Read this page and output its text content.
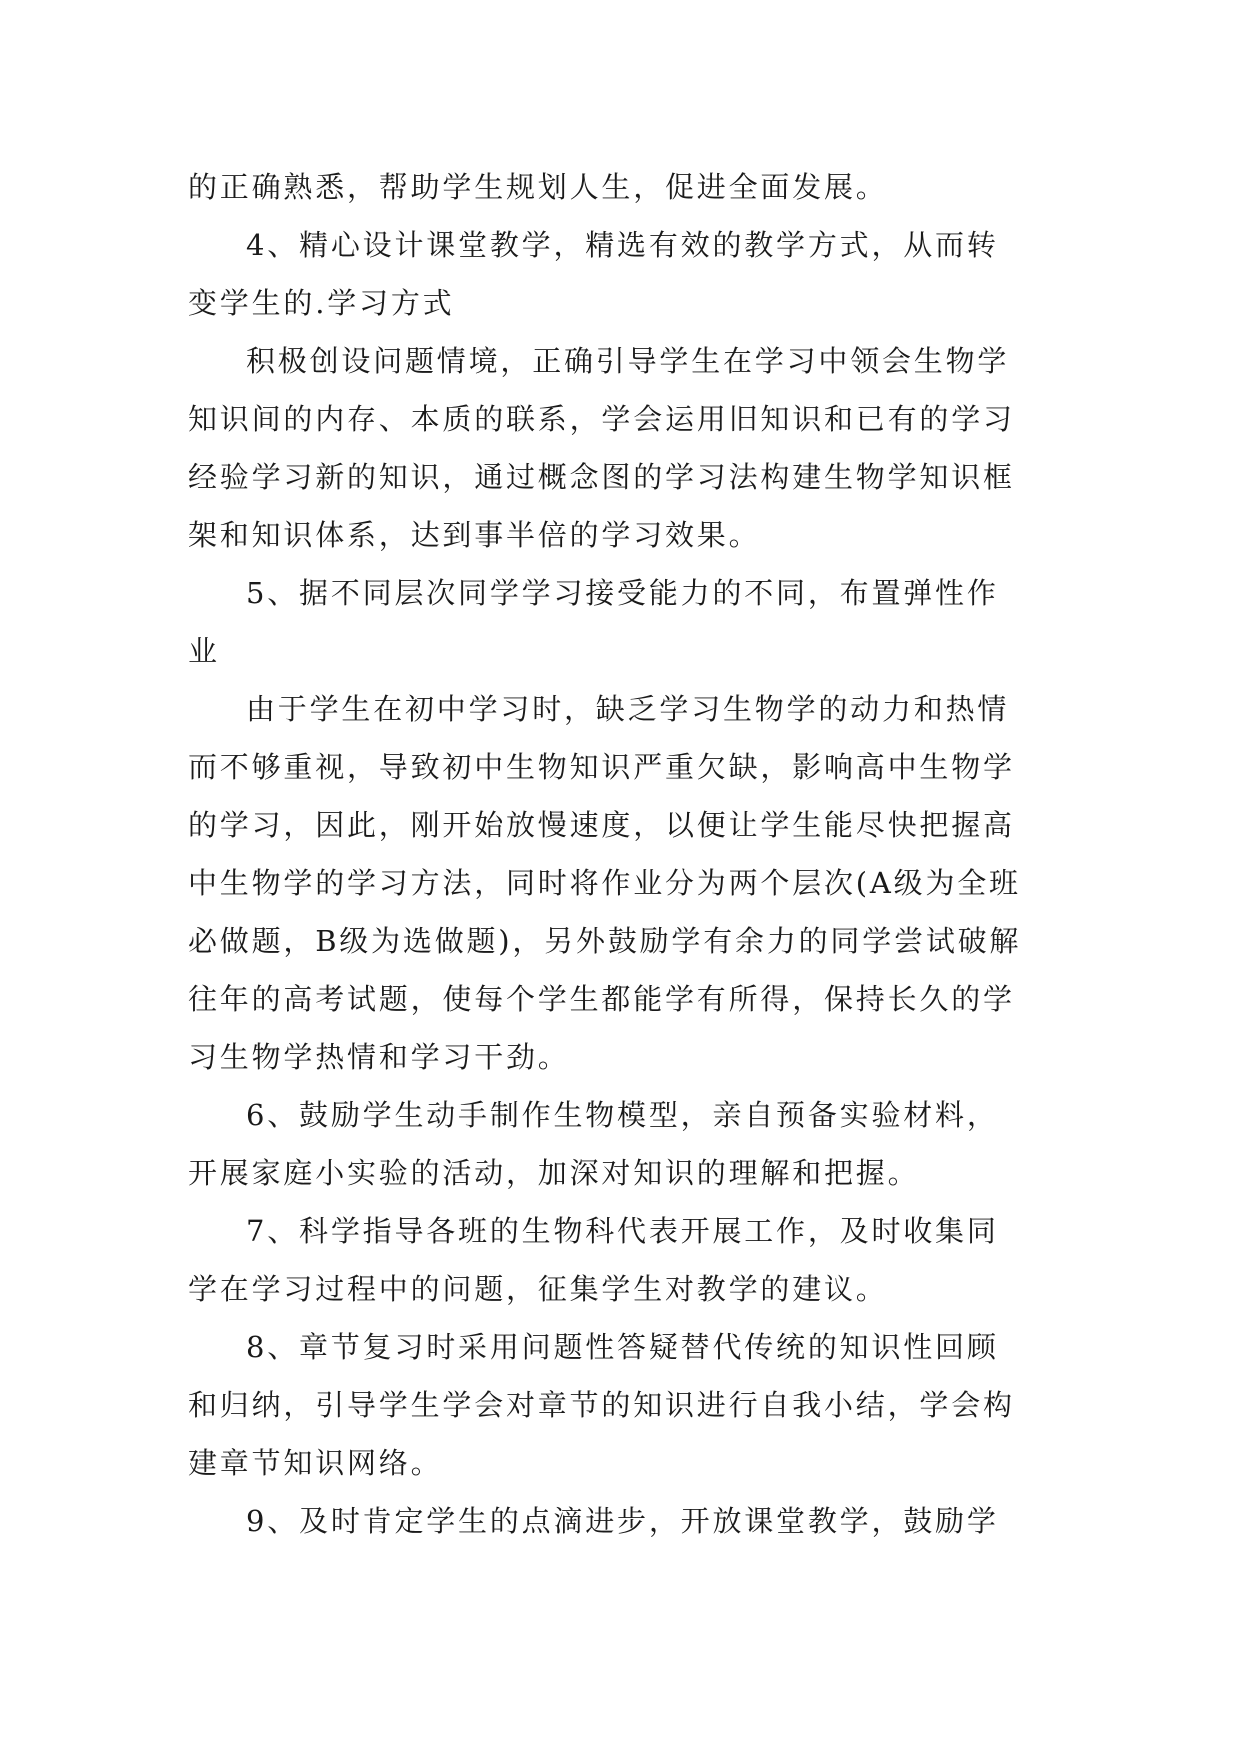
的正确熟悉，帮助学生规划人生，促进全面发展。
4、精心设计课堂教学，精选有效的教学方式，从而转
变学生的.学习方式
积极创设问题情境，正确引导学生在学习中领会生物学
知识间的内存、本质的联系，学会运用旧知识和已有的学习
经验学习新的知识，通过概念图的学习法构建生物学知识框
架和知识体系，达到事半倍的学习效果。
5、据不同层次同学学习接受能力的不同，布置弹性作
业
由于学生在初中学习时，缺乏学习生物学的动力和热情
而不够重视，导致初中生物知识严重欠缺，影响高中生物学
的学习，因此，刚开始放慢速度，以便让学生能尽快把握高
中生物学的学习方法，同时将作业分为两个层次(A级为全班
必做题，B级为选做题)，另外鼓励学有余力的同学尝试破解
往年的高考试题，使每个学生都能学有所得，保持长久的学
习生物学热情和学习干劲。
6、鼓励学生动手制作生物模型，亲自预备实验材料，
开展家庭小实验的活动，加深对知识的理解和把握。
7、科学指导各班的生物科代表开展工作，及时收集同
学在学习过程中的问题，征集学生对教学的建议。
8、章节复习时采用问题性答疑替代传统的知识性回顾
和归纳，引导学生学会对章节的知识进行自我小结，学会构
建章节知识网络。
9、及时肯定学生的点滴进步，开放课堂教学，鼓励学
